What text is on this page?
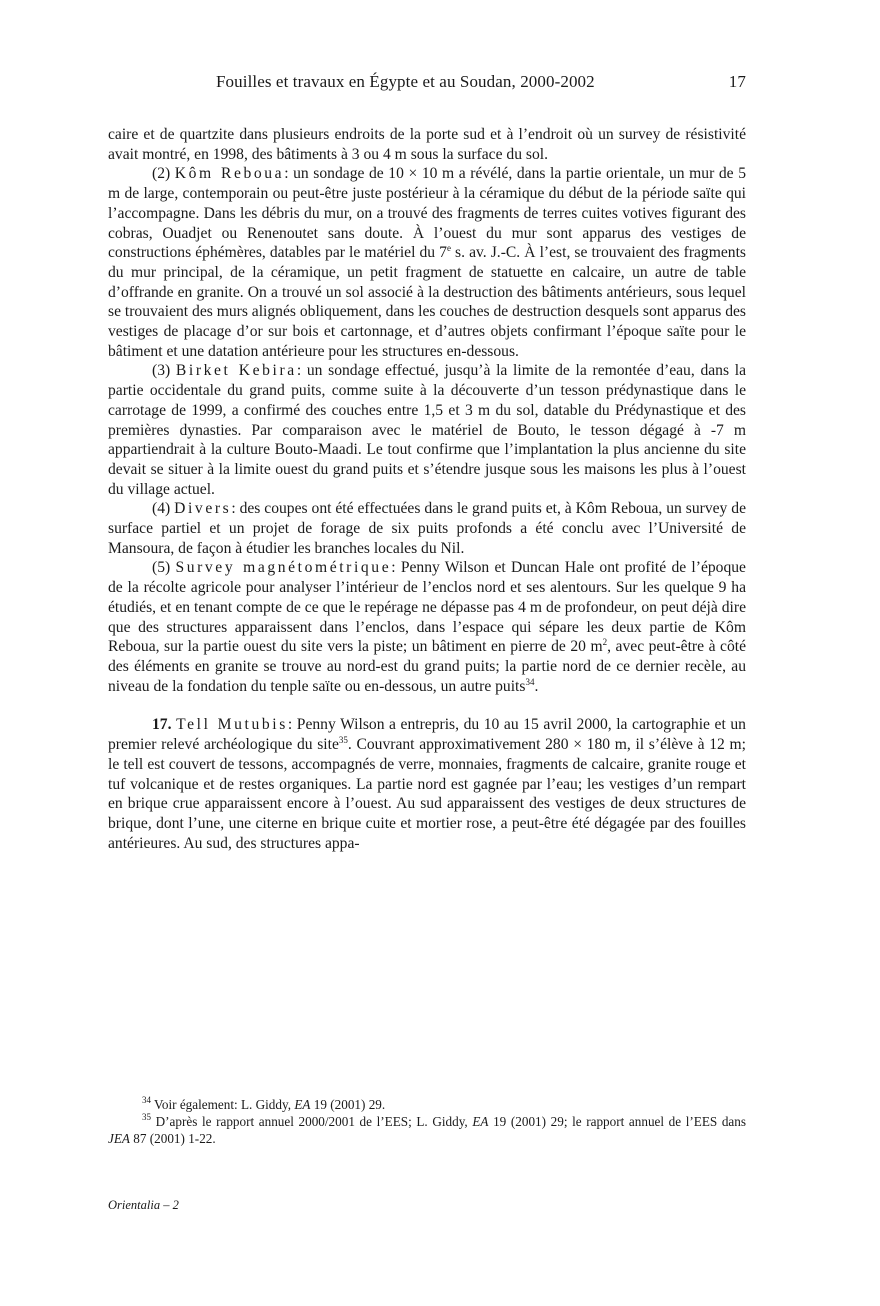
Fouilles et travaux en Égypte et au Soudan, 2000-2002	17

caire et de quartzite dans plusieurs endroits de la porte sud et à l’endroit où un survey de résistivité avait montré, en 1998, des bâtiments à 3 ou 4 m sous la surface du sol.

(2) Kôm Reboua: un sondage de 10 × 10 m a révélé, dans la partie orientale, un mur de 5 m de large, contemporain ou peut-être juste postérieur à la céramique du début de la période saïte qui l’accompagne. Dans les débris du mur, on a trouvé des fragments de terres cuites votives figurant des cobras, Ouadjet ou Renenoutet sans doute. À l’ouest du mur sont apparus des vestiges de constructions éphémères, datables par le matériel du 7e s. av. J.-C. À l’est, se trouvaient des fragments du mur principal, de la céramique, un petit fragment de statuette en calcaire, un autre de table d’offrande en granite. On a trouvé un sol associé à la destruction des bâtiments antérieurs, sous lequel se trouvaient des murs alignés obliquement, dans les couches de destruction desquels sont apparus des vestiges de placage d’or sur bois et cartonnage, et d’autres objets confirmant l’époque saïte pour le bâtiment et une datation antérieure pour les structures en-dessous.

(3) Birket Kebira: un sondage effectué, jusqu’à la limite de la remontée d’eau, dans la partie occidentale du grand puits, comme suite à la découverte d’un tesson prédynastique dans le carrotage de 1999, a confirmé des couches entre 1,5 et 3 m du sol, datable du Prédynastique et des premières dynasties. Par comparaison avec le matériel de Bouto, le tesson dégagé à -7 m appartiendrait à la culture Bouto-Maadi. Le tout confirme que l’implantation la plus ancienne du site devait se situer à la limite ouest du grand puits et s’étendre jusque sous les maisons les plus à l’ouest du village actuel.

(4) Divers: des coupes ont été effectuées dans le grand puits et, à Kôm Reboua, un survey de surface partiel et un projet de forage de six puits profonds a été conclu avec l’Université de Mansoura, de façon à étudier les branches locales du Nil.

(5) Survey magnétométrique: Penny Wilson et Duncan Hale ont profité de l’époque de la récolte agricole pour analyser l’intérieur de l’enclos nord et ses alentours. Sur les quelque 9 ha étudiés, et en tenant compte de ce que le repérage ne dépasse pas 4 m de profondeur, on peut déjà dire que des structures apparaissent dans l’enclos, dans l’espace qui sépare les deux partie de Kôm Reboua, sur la partie ouest du site vers la piste; un bâtiment en pierre de 20 $m^2$, avec peut-être à côté des éléments en granite se trouve au nord-est du grand puits; la partie nord de ce dernier recèle, au niveau de la fondation du tenple saïte ou en-dessous, un autre puits$^{34}$.

17. Tell Mutubis: Penny Wilson a entrepris, du 10 au 15 avril 2000, la cartographie et un premier relevé archéologique du site$^{35}$. Couvrant approximativement 280 × 180 m, il s’élève à 12 m; le tell est couvert de tessons, accompagnés de verre, monnaies, fragments de calcaire, granite rouge et tuf volcanique et de restes organiques. La partie nord est gagnée par l’eau; les vestiges d’un rempart en brique crue apparaissent encore à l’ouest. Au sud apparaissent des vestiges de deux structures de brique, dont l’une, une citerne en brique cuite et mortier rose, a peut-être été dégagée par des fouilles antérieures. Au sud, des structures appa-

$^{34}$ Voir également: L. Giddy, EA 19 (2001) 29.

$^{35}$ D’après le rapport annuel 2000/2001 de l’EES; L. Giddy, EA 19 (2001) 29; le rapport annuel de l’EES dans JEA 87 (2001) 1-22.

Orientalia – 2
